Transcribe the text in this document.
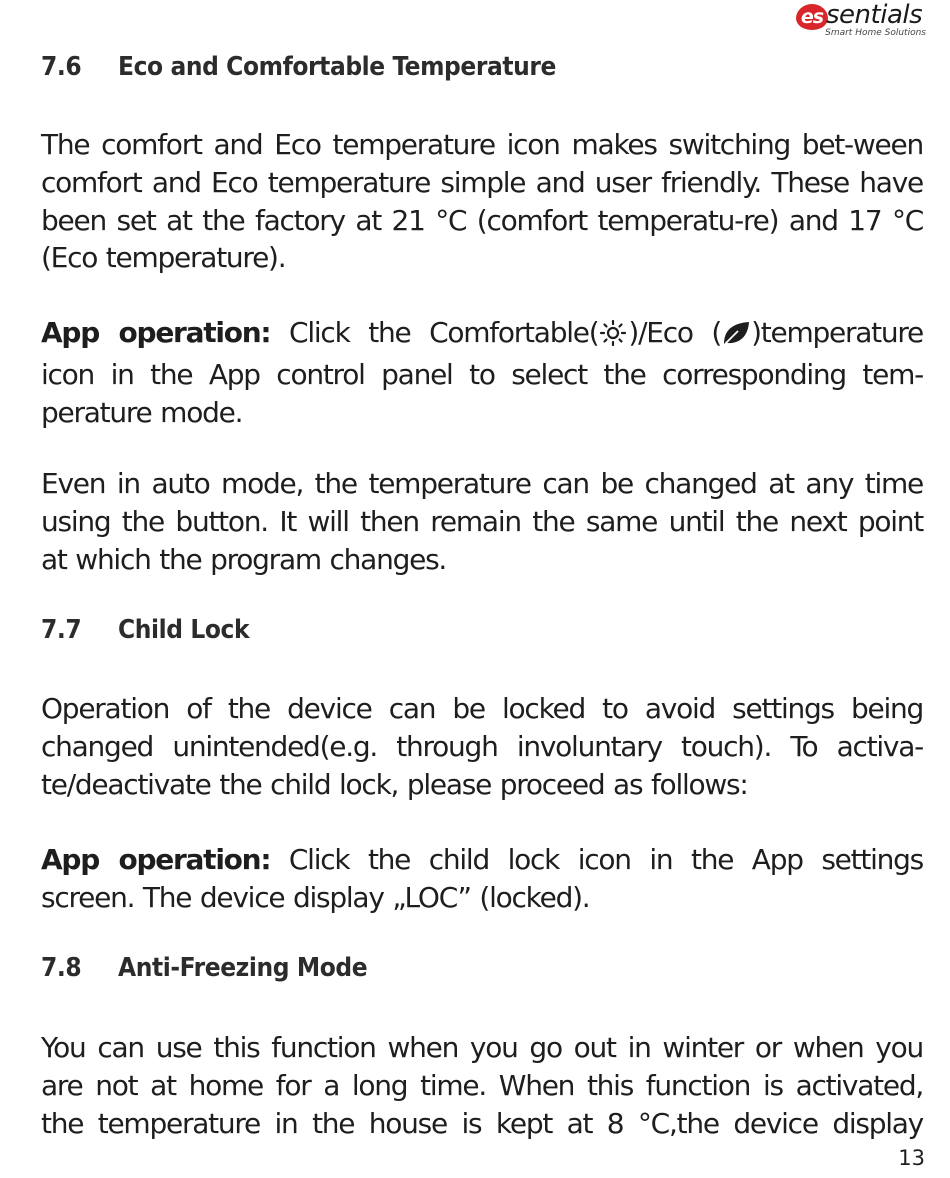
es sentials
Smart Home Solutions
7.6 Eco and Comfortable Temperature
The comfort and Eco temperature icon makes switching bet-ween comfort and Eco temperature simple and user friendly. These have been set at the factory at 21 °C (comfort temperatu-re) and 17 °C (Eco temperature).
App operation: Click the Comfortable( )/Eco ( )temperature icon in the App control panel to select the corresponding tem-perature mode.
Even in auto mode, the temperature can be changed at any time using the button. It will then remain the same until the next point at which the program changes.
7.7 Child Lock
Operation of the device can be locked to avoid settings being changed unintended(e.g. through involuntary touch). To activa-te/deactivate the child lock, please proceed as follows:
App operation: Click the child lock icon in the App settings screen. The device display „LOC” (locked).
7.8 Anti-Freezing Mode
You can use this function when you go out in winter or when you are not at home for a long time. When this function is activated, the temperature in the house is kept at 8 °C,the device display
13
